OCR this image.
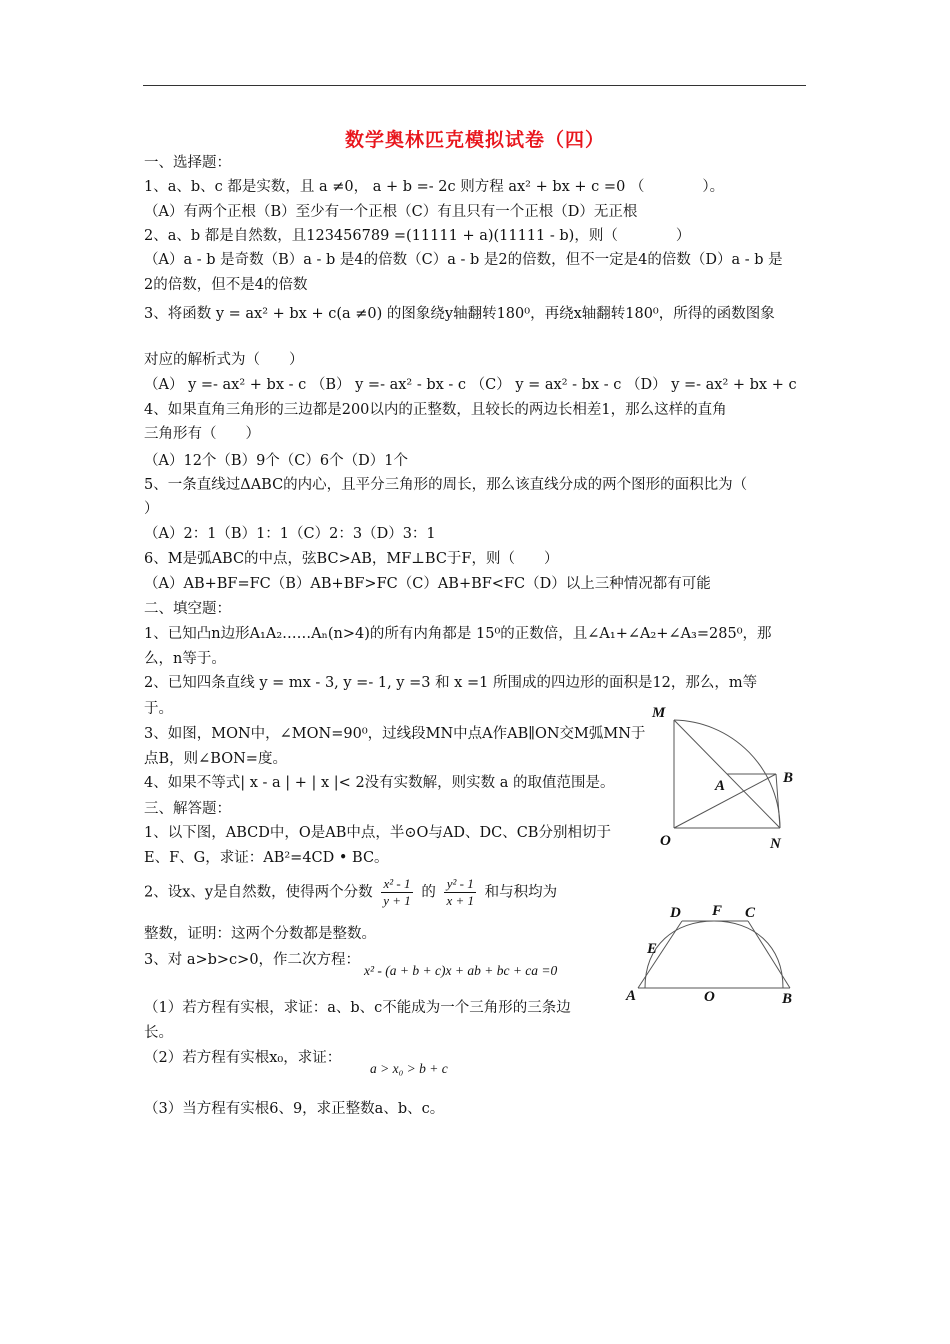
数学奥林匹克模拟试卷（四）
一、选择题：
1、a、b、c 都是实数，且 a ≠0， a + b =- 2c 则方程 ax² + bx + c =0 （　　　　）。
（A）有两个正根（B）至少有一个正根（C）有且只有一个正根（D）无正根
2、a、b 都是自然数，且123456789 =(11111 + a)(11111 - b)，则（　　　　）
（A）a - b 是奇数（B）a - b 是4的倍数（C）a - b 是2的倍数，但不一定是4的倍数（D）a - b 是
2的倍数，但不是4的倍数
3、将函数 y = ax² + bx + c(a ≠0) 的图象绕y轴翻转180⁰，再绕x轴翻转180⁰，所得的函数图象
对应的解析式为（　　）
（A） y =- ax² + bx - c （B） y =- ax² - bx - c （C） y = ax² - bx - c （D） y =- ax² + bx + c
4、如果直角三角形的三边都是200以内的正整数，且较长的两边长相差1，那么这样的直角
三角形有（　　）
（A）12个（B）9个（C）6个（D）1个
5、一条直线过ΔABC的内心，且平分三角形的周长，那么该直线分成的两个图形的面积比为（
）
（A）2：1（B）1：1（C）2：3（D）3：1
6、M是弧ABC的中点，弦BC>AB，MF⊥BC于F，则（　　）
（A）AB+BF=FC（B）AB+BF>FC（C）AB+BF<FC（D）以上三种情况都有可能
二、填空题：
1、已知凸n边形A₁A₂……Aₙ(n>4)的所有内角都是 15⁰的正数倍，且∠A₁+∠A₂+∠A₃=285⁰，那
么，n等于。
2、已知四条直线 y = mx - 3, y =- 1, y =3 和 x =1 所围成的四边形的面积是12，那么，m等
于。
3、如图，MON中，∠MON=90⁰，过线段MN中点A作AB∥ON交M弧MN于
点B，则∠BON=度。
4、如果不等式| x - a | + | x |< 2没有实数解，则实数 a 的取值范围是。
三、解答题：
1、以下图，ABCD中，O是AB中点，半⊙O与AD、DC、CB分别相切于
E、F、G，求证：AB²=4CD • BC。
2、设x、y是自然数，使得两个分数 $\frac{\text{x² - 1}}{y + 1}$ 的 $\frac{\text{y² - 1}}{x + 1}$ 和与积均为
整数，证明：这两个分数都是整数。
3、对 a>b>c>0，作二次方程：
x² - (a + b + c)x + ab + bc + ca =0
（1）若方程有实根，求证：a、b、c不能成为一个三角形的三条边
长。
（2）若方程有实根x₀，求证：
a > x₀ > b + c
（3）当方程有实根6、9，求正整数a、b、c。
M
A	B
O	N
D F C
E
A	O	B
